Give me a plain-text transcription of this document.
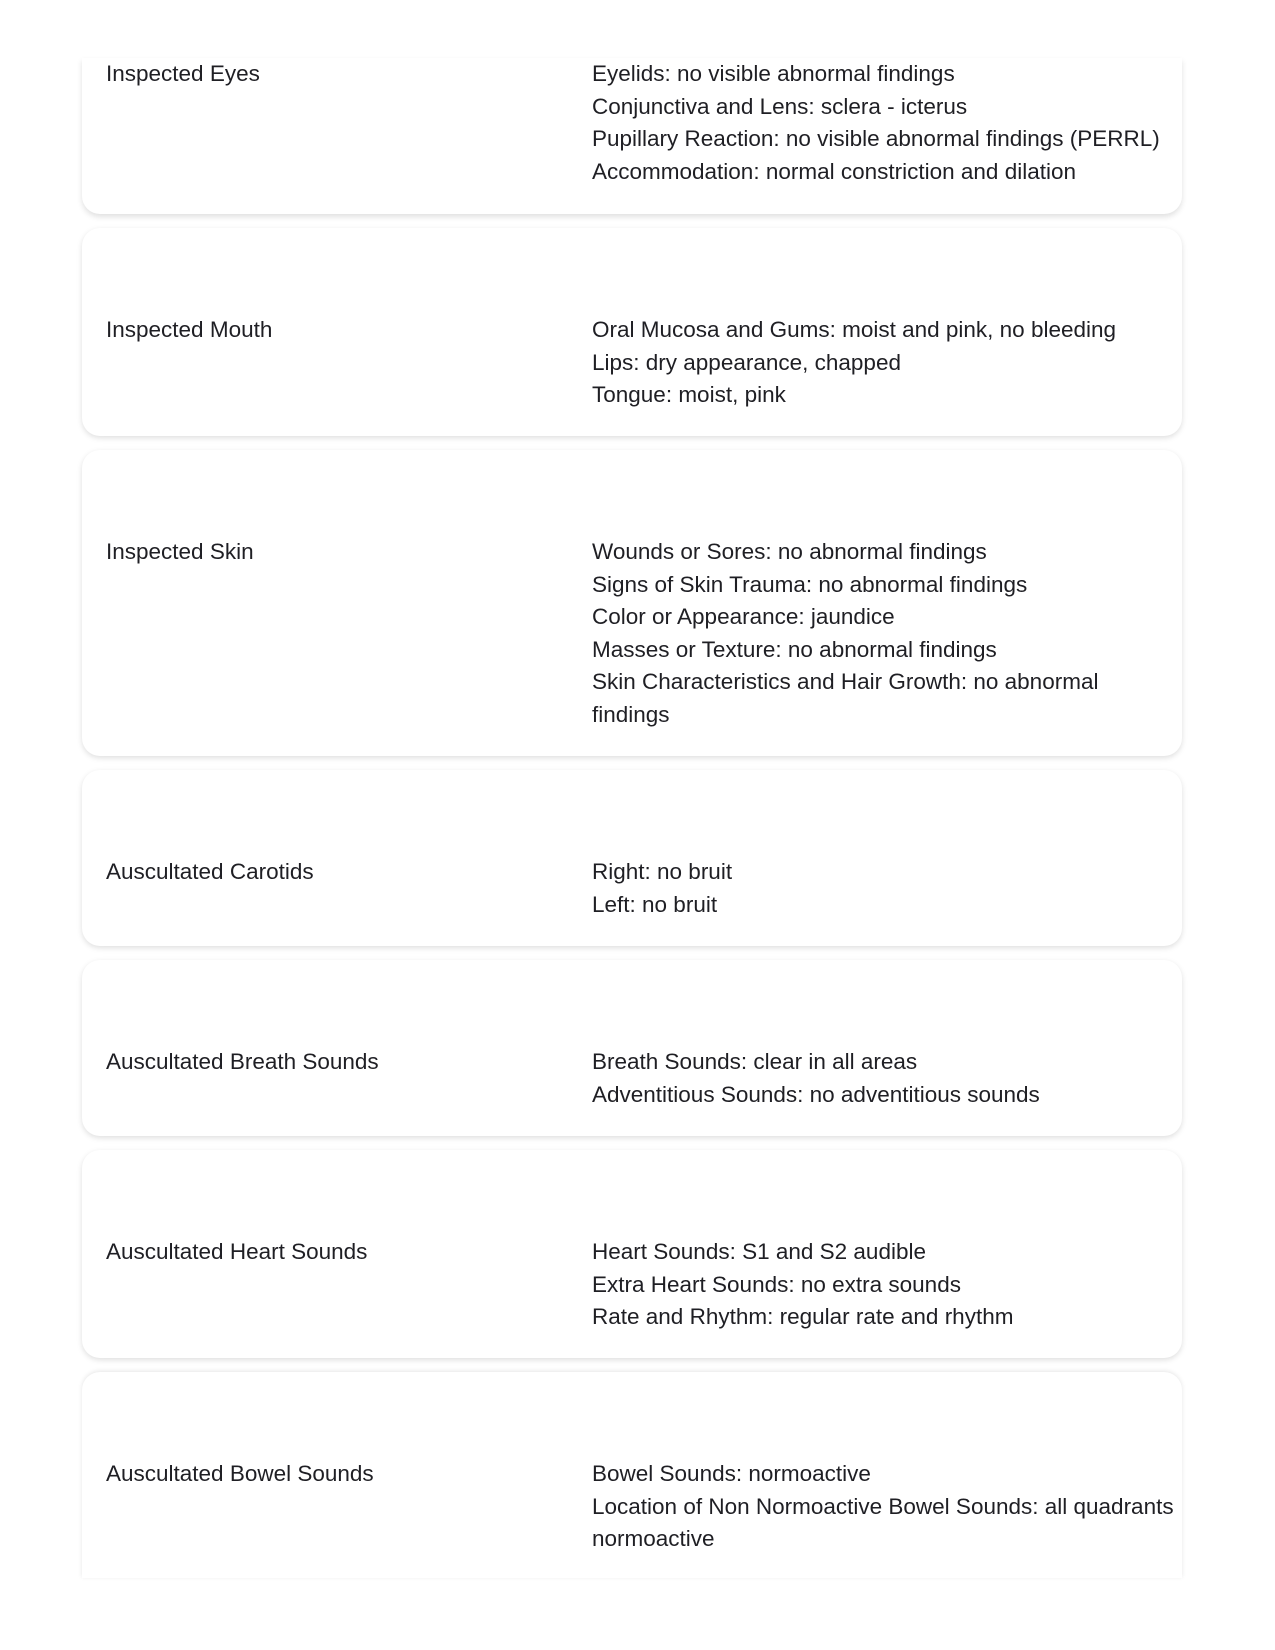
Inspected Eyes	Eyelids: no visible abnormal findings
Conjunctiva and Lens: sclera - icterus
Pupillary Reaction: no visible abnormal findings (PERRL)
Accommodation: normal constriction and dilation
Inspected Mouth	Oral Mucosa and Gums: moist and pink, no bleeding
Lips: dry appearance, chapped
Tongue: moist, pink
Inspected Skin	Wounds or Sores: no abnormal findings
Signs of Skin Trauma: no abnormal findings
Color or Appearance: jaundice
Masses or Texture: no abnormal findings
Skin Characteristics and Hair Growth: no abnormal findings
Auscultated Carotids	Right: no bruit
Left: no bruit
Auscultated Breath Sounds	Breath Sounds: clear in all areas
Adventitious Sounds: no adventitious sounds
Auscultated Heart Sounds	Heart Sounds: S1 and S2 audible
Extra Heart Sounds: no extra sounds
Rate and Rhythm: regular rate and rhythm
Auscultated Bowel Sounds	Bowel Sounds: normoactive
Location of Non Normoactive Bowel Sounds: all quadrants normoactive
